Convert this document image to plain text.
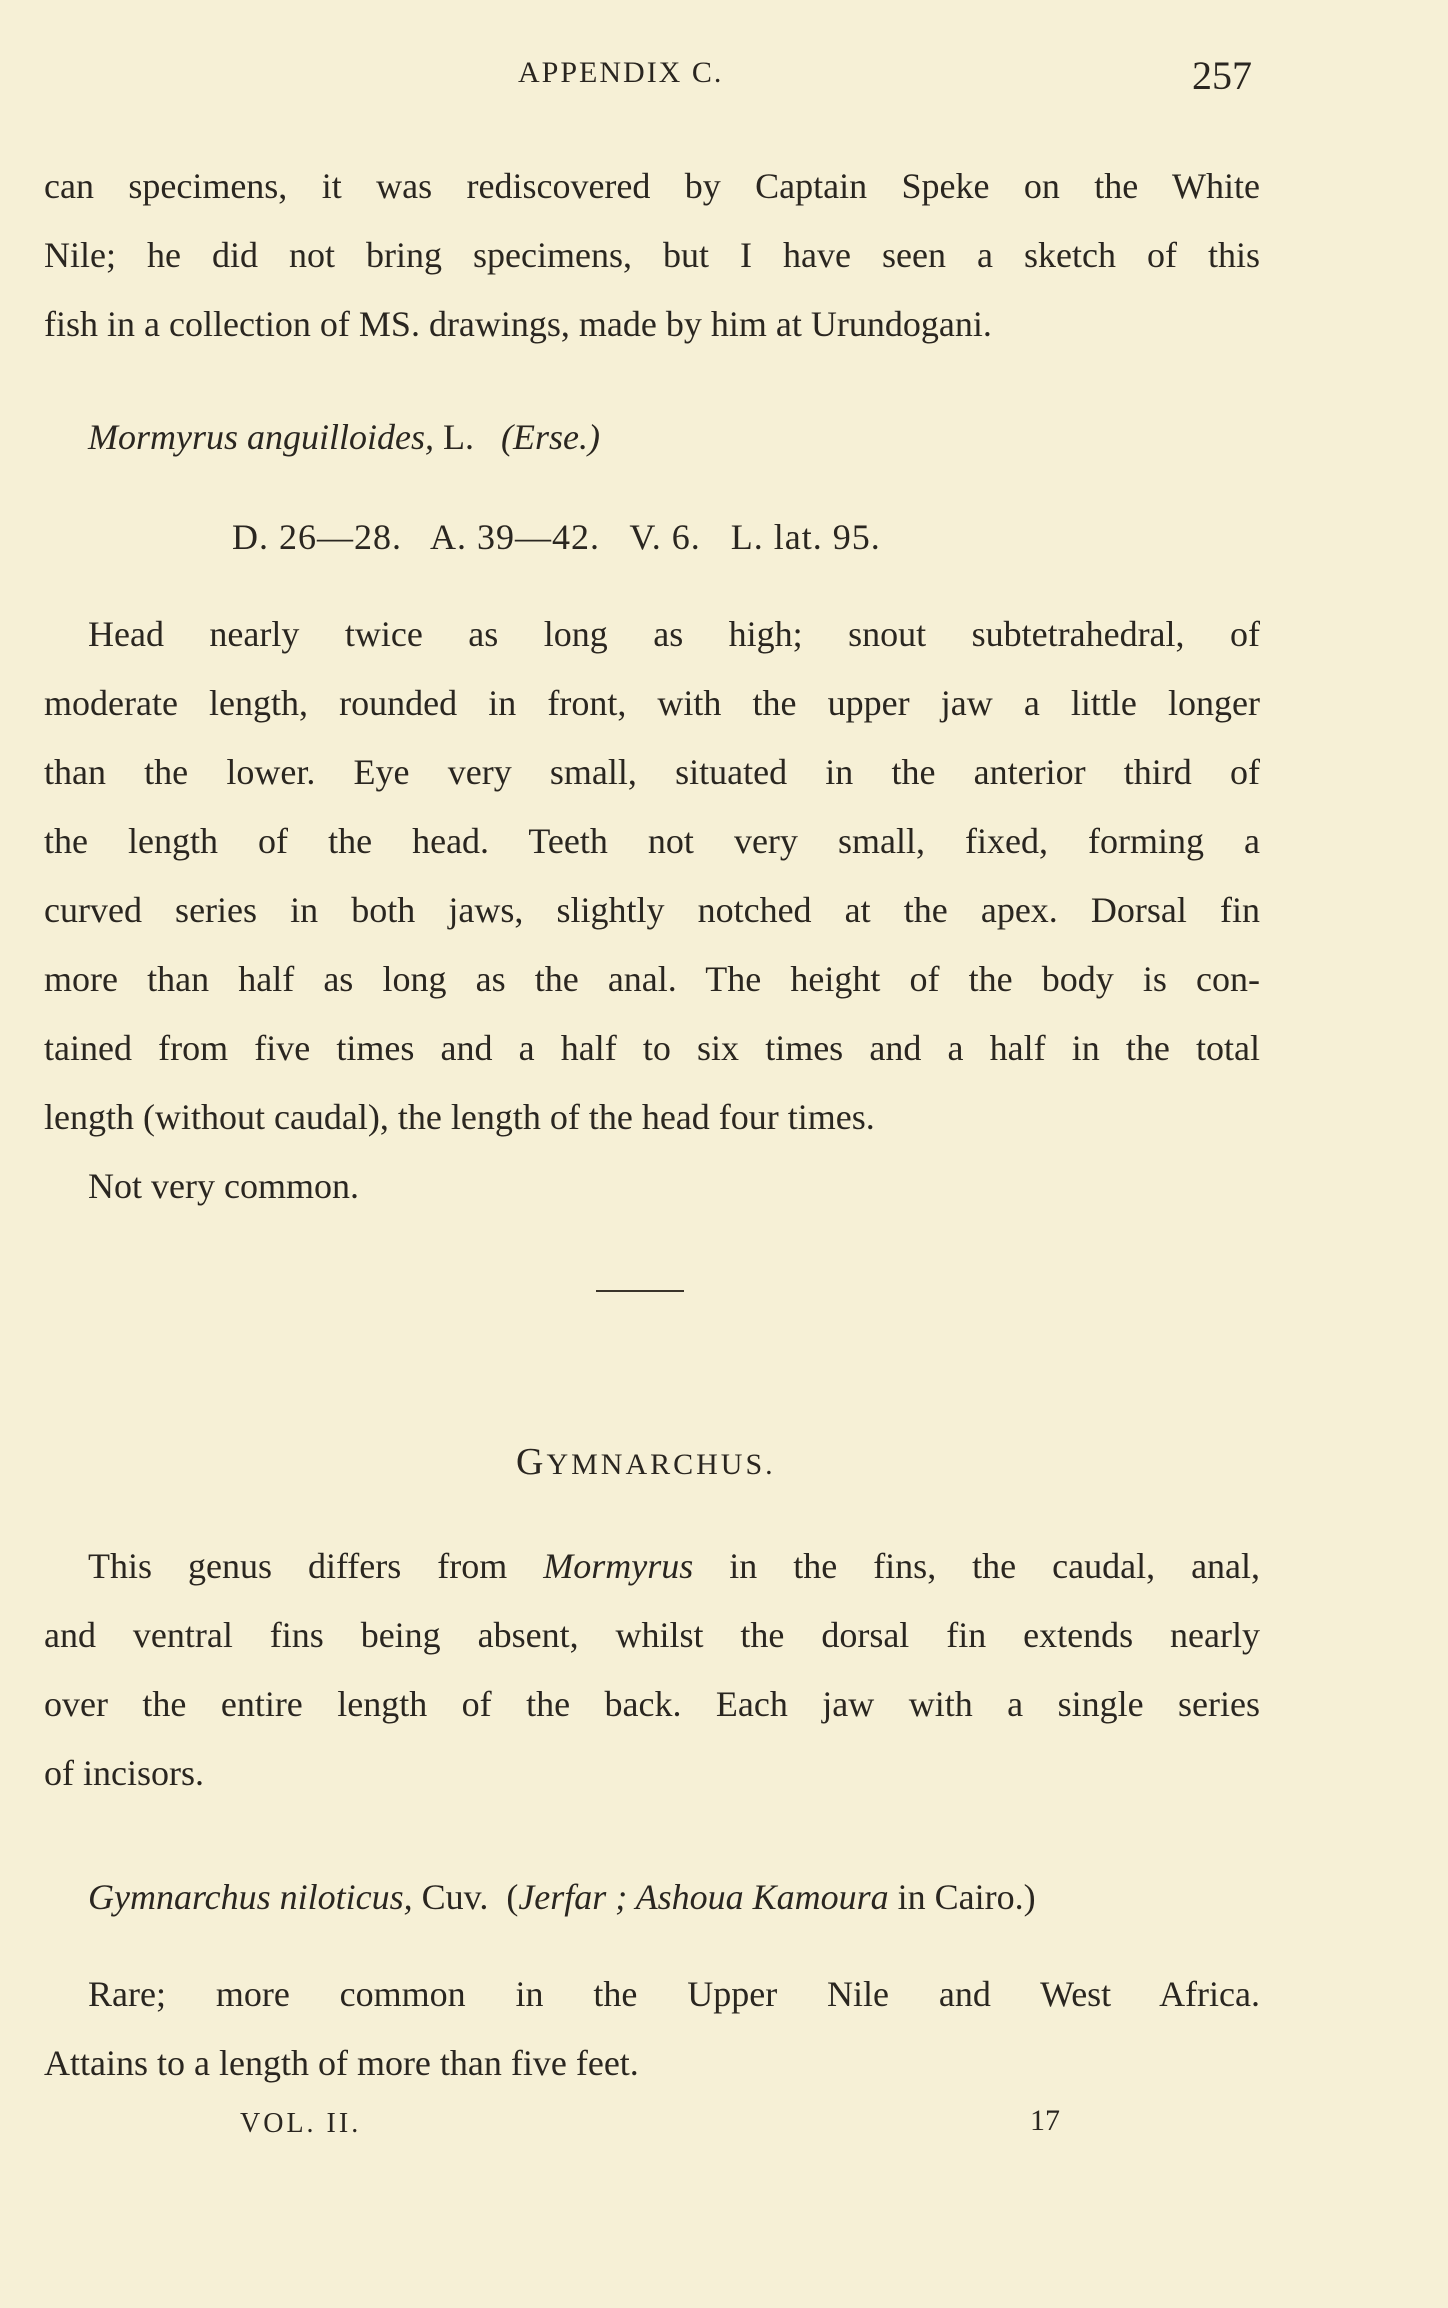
APPENDIX C.	257
can specimens, it was rediscovered by Captain Speke on the White
Nile; he did not bring specimens, but I have seen a sketch of this
fish in a collection of MS. drawings, made by him at Urundogani.
Mormyrus anguilloides, L. (Erse.)
D. 26—28.   A. 39—42.   V. 6.   L. lat. 95.
Head nearly twice as long as high; snout subtetrahedral, of
moderate length, rounded in front, with the upper jaw a little longer
than the lower. Eye very small, situated in the anterior third of
the length of the head. Teeth not very small, fixed, forming a
curved series in both jaws, slightly notched at the apex. Dorsal fin
more than half as long as the anal. The height of the body is con-
tained from five times and a half to six times and a half in the total
length (without caudal), the length of the head four times.
Not very common.
GYMNARCHUS.
This genus differs from Mormyrus in the fins, the caudal, anal,
and ventral fins being absent, whilst the dorsal fin extends nearly
over the entire length of the back. Each jaw with a single series
of incisors.
Gymnarchus niloticus, Cuv. (Jerfar ; Ashoua Kamoura in Cairo.)
Rare; more common in the Upper Nile and West Africa.
Attains to a length of more than five feet.
VOL. II.	17
